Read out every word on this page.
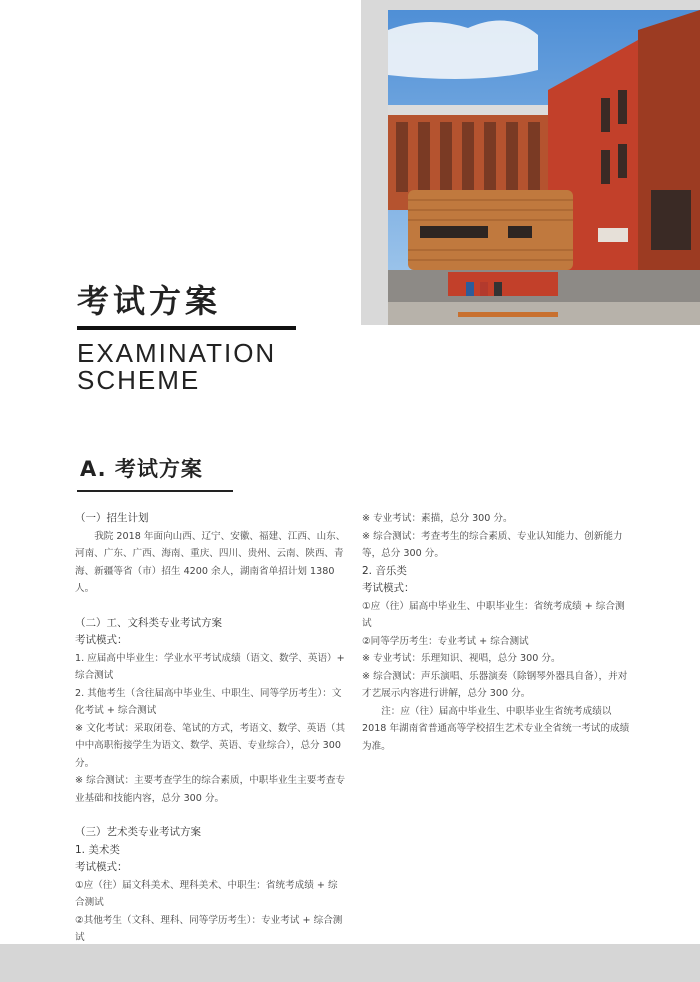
考试方案
EXAMINATION
SCHEME
A. 考试方案

（一）招生计划

我院 2018 年面向山西、辽宁、安徽、福建、江西、山东、河南、广东、广西、海南、重庆、四川、贵州、云南、陕西、青海、新疆等省（市）招生 4200 余人，湖南省单招计划 1380 人。

（二）工、文科类专业考试方案

考试模式：

1. 应届高中毕业生：学业水平考试成绩（语文、数学、英语）+ 综合测试

2. 其他考生（含往届高中毕业生、中职生、同等学历考生）：文化考试 + 综合测试

※ 文化考试：采取闭卷、笔试的方式，考语文、数学、英语（其中中高职衔接学生为语文、数学、英语、专业综合），总分 300 分。

※ 综合测试：主要考查学生的综合素质，中职毕业生主要考查专业基础和技能内容，总分 300 分。

（三）艺术类专业考试方案

1. 美术类

考试模式：

①应（往）届文科美术、理科美术、中职生：省统考成绩 + 综合测试

②其他考生（文科、理科、同等学历考生）：专业考试 + 综合测试

※ 专业考试：素描，总分 300 分。

※ 综合测试：考查考生的综合素质、专业认知能力、创新能力等，总分 300 分。

2. 音乐类

考试模式：

①应（往）届高中毕业生、中职毕业生：省统考成绩 + 综合测试

②同等学历考生：专业考试 + 综合测试

※ 专业考试：乐理知识、视唱，总分 300 分。

※ 综合测试：声乐演唱、乐器演奏（除钢琴外器具自备），并对才艺展示内容进行讲解，总分 300 分。

注：应（往）届高中毕业生、中职毕业生省统考成绩以 2018 年湖南省普通高等学校招生艺术专业全省统一考试的成绩为准。
